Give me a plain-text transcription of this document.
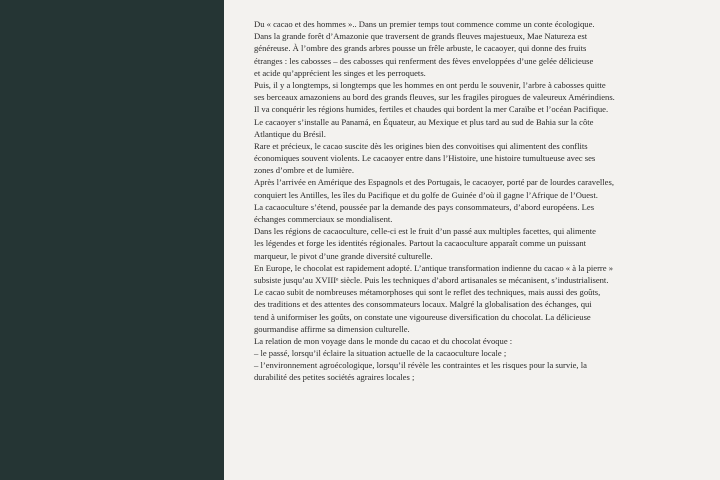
Du « cacao et des hommes ».. Dans un premier temps tout commence comme un conte écologique.
Dans la grande forêt d’Amazonie que traversent de grands fleuves majestueux, Mae Natureza est
généreuse. À l’ombre des grands arbres pousse un frêle arbuste, le cacaoyer, qui donne des fruits
étranges : les cabosses – des cabosses qui renferment des fèves enveloppées d’une gelée délicieuse
et acide qu’apprécient les singes et les perroquets.
Puis, il y a longtemps, si longtemps que les hommes en ont perdu le souvenir, l’arbre à cabosses quitte
ses berceaux amazoniens au bord des grands fleuves, sur les fragiles pirogues de valeureux Amérindiens.
Il va conquérir les régions humides, fertiles et chaudes qui bordent la mer Caraïbe et l’océan Pacifique.
Le cacaoyer s’installe au Panamá, en Équateur, au Mexique et plus tard au sud de Bahia sur la côte
Atlantique du Brésil.
Rare et précieux, le cacao suscite dès les origines bien des convoitises qui alimentent des conflits
économiques souvent violents. Le cacaoyer entre dans l’Histoire, une histoire tumultueuse avec ses
zones d’ombre et de lumière.
Après l’arrivée en Amérique des Espagnols et des Portugais, le cacaoyer, porté par de lourdes caravelles,
conquiert les Antilles, les îles du Pacifique et du golfe de Guinée d’où il gagne l’Afrique de l’Ouest.
La cacaoculture s’étend, poussée par la demande des pays consommateurs, d’abord européens. Les
échanges commerciaux se mondialisent.
Dans les régions de cacaoculture, celle-ci est le fruit d’un passé aux multiples facettes, qui alimente
les légendes et forge les identités régionales. Partout la cacaoculture apparaît comme un puissant
marqueur, le pivot d’une grande diversité culturelle.
En Europe, le chocolat est rapidement adopté. L’antique transformation indienne du cacao « à la pierre »
subsiste jusqu’au XVIIIᵉ siècle. Puis les techniques d’abord artisanales se mécanisent, s’industrialisent.
Le cacao subit de nombreuses métamorphoses qui sont le reflet des techniques, mais aussi des goûts,
des traditions et des attentes des consommateurs locaux. Malgré la globalisation des échanges, qui
tend à uniformiser les goûts, on constate une vigoureuse diversification du chocolat. La délicieuse
gourmandise affirme sa dimension culturelle.
La relation de mon voyage dans le monde du cacao et du chocolat évoque :
– le passé, lorsqu’il éclaire la situation actuelle de la cacaoculture locale ;
– l’environnement agroécologique, lorsqu’il révèle les contraintes et les risques pour la survie, la
durabilité des petites sociétés agraires locales ;
